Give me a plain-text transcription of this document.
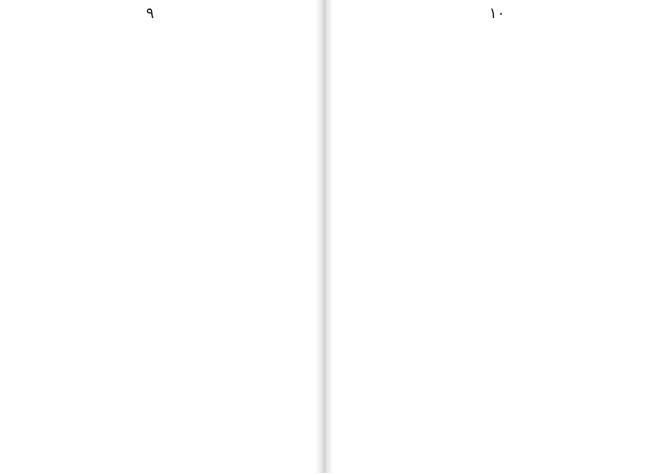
۹	۱۰
